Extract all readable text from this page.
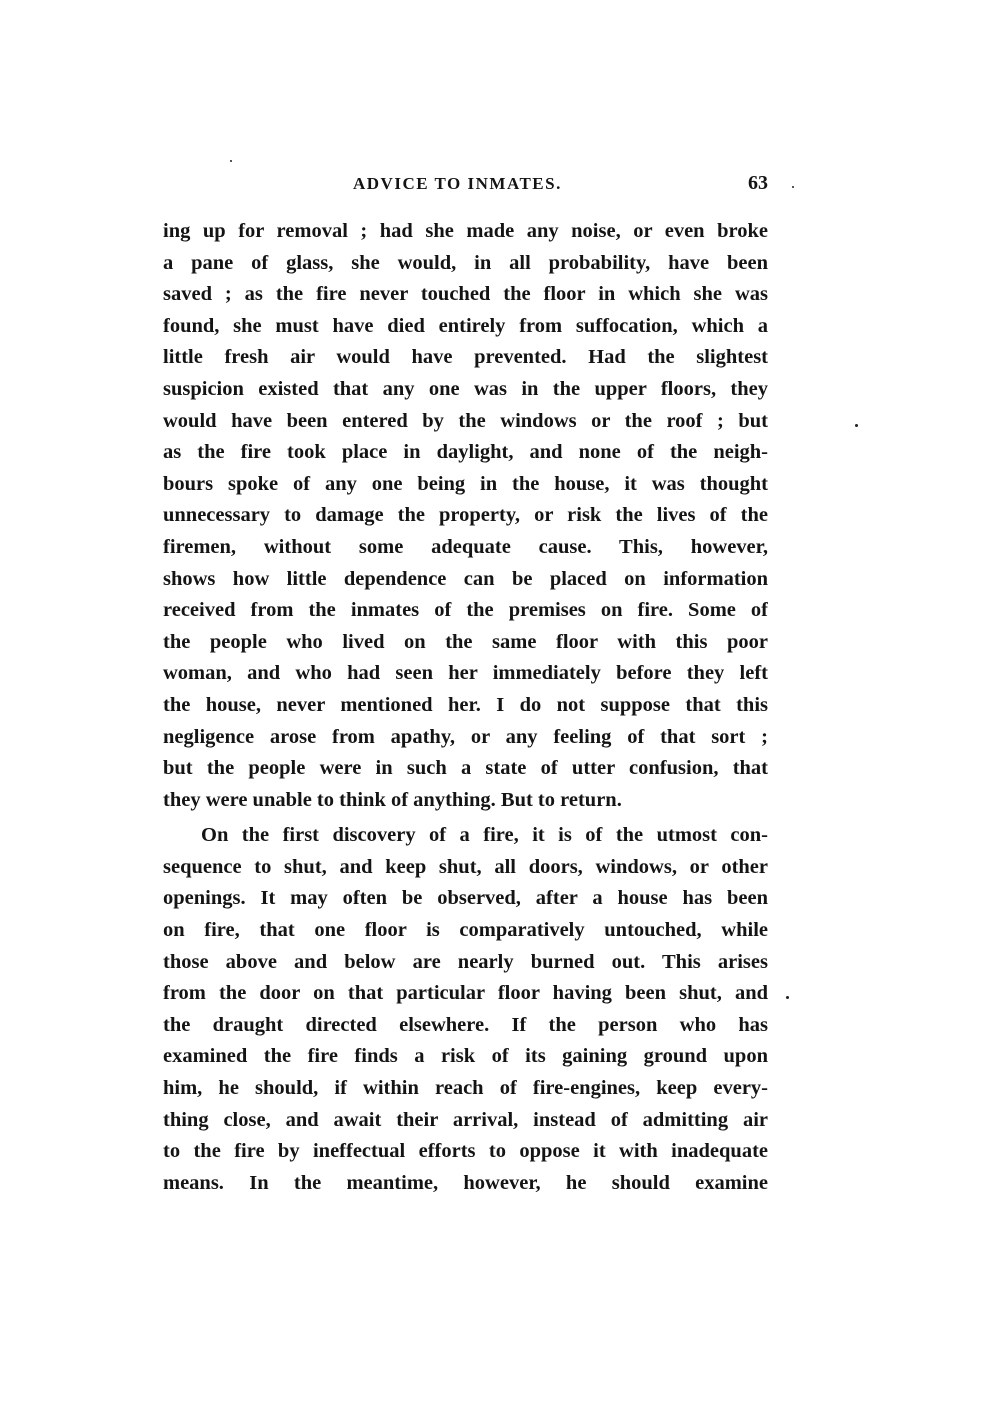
ADVICE TO INMATES.	63
ing up for removal ; had she made any noise, or even broke
a pane of glass, she would, in all probability, have been
saved ; as the fire never touched the floor in which she was
found, she must have died entirely from suffocation, which a
little fresh air would have prevented. Had the slightest
suspicion existed that any one was in the upper floors, they
would have been entered by the windows or the roof ; but
as the fire took place in daylight, and none of the neigh-
bours spoke of any one being in the house, it was thought
unnecessary to damage the property, or risk the lives of the
firemen, without some adequate cause. This, however,
shows how little dependence can be placed on information
received from the inmates of the premises on fire. Some of
the people who lived on the same floor with this poor
woman, and who had seen her immediately before they left
the house, never mentioned her. I do not suppose that this
negligence arose from apathy, or any feeling of that sort ;
but the people were in such a state of utter confusion, that
they were unable to think of anything. But to return.
On the first discovery of a fire, it is of the utmost con-
sequence to shut, and keep shut, all doors, windows, or other
openings. It may often be observed, after a house has been
on fire, that one floor is comparatively untouched, while
those above and below are nearly burned out. This arises
from the door on that particular floor having been shut, and
the draught directed elsewhere. If the person who has
examined the fire finds a risk of its gaining ground upon
him, he should, if within reach of fire-engines, keep every-
thing close, and await their arrival, instead of admitting air
to the fire by ineffectual efforts to oppose it with inadequate
means. In the meantime, however, he should examine
